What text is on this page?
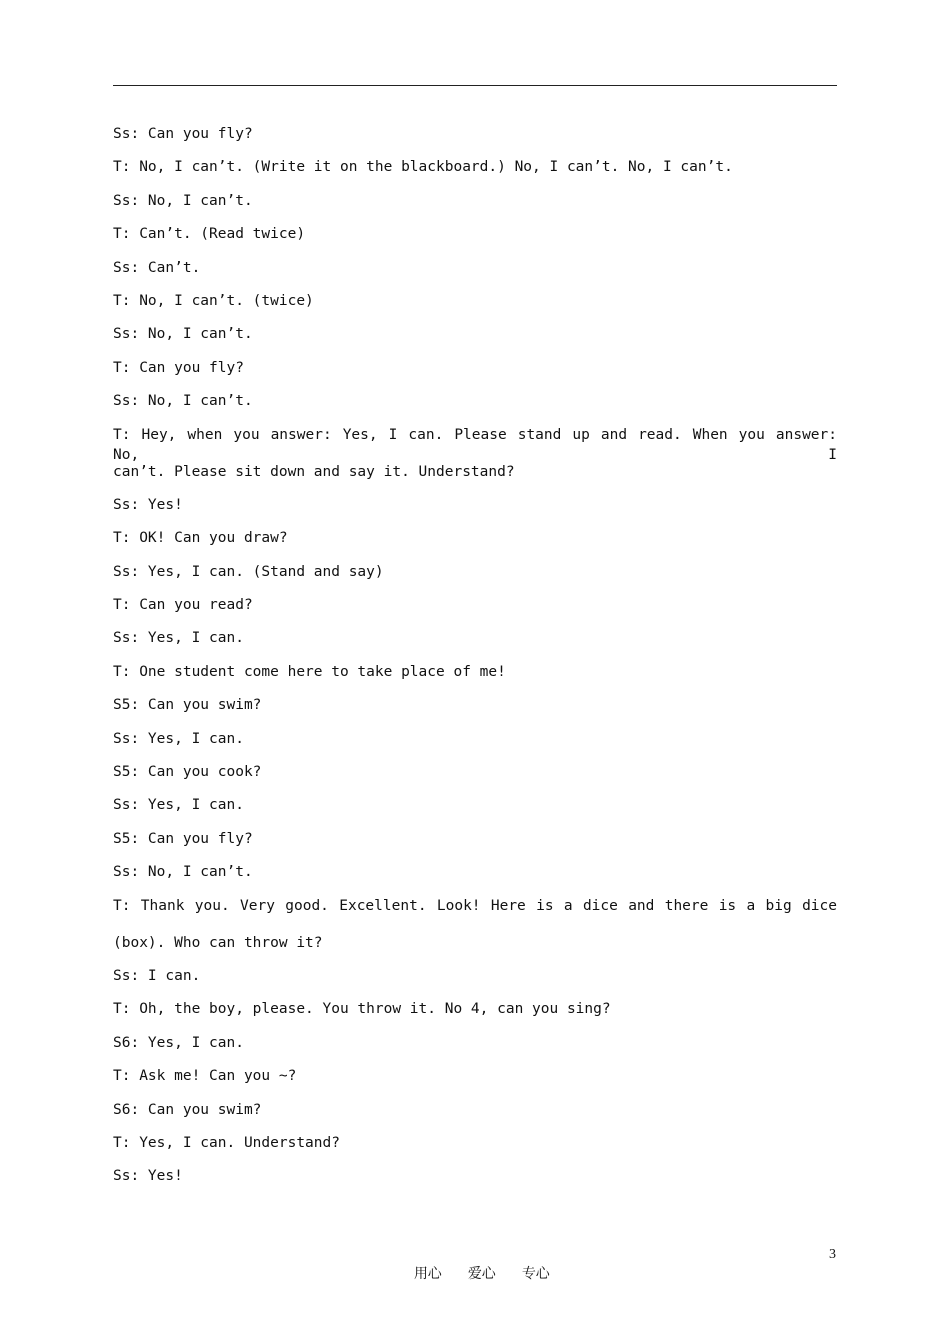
Ss: Can you fly?
T: No, I can’t. (Write it on the blackboard.) No, I can’t. No, I can’t.
Ss: No, I can’t.
T: Can’t. (Read twice)
Ss: Can’t.
T: No, I can’t. (twice)
Ss: No, I can’t.
T: Can you fly?
Ss: No, I can’t.
T: Hey, when you answer: Yes, I can. Please stand up and read. When you answer: No, I
can’t. Please sit down and say it. Understand?
Ss: Yes!
T: OK! Can you draw?
Ss: Yes, I can. (Stand and say)
T: Can you read?
Ss: Yes, I can.
T: One student come here to take place of me!
S5: Can you swim?
Ss: Yes, I can.
S5: Can you cook?
Ss: Yes, I can.
S5: Can you fly?
Ss: No, I can’t.
T: Thank you. Very good. Excellent. Look! Here is a dice and there is a big dice
(box). Who can throw it?
Ss: I can.
T: Oh, the boy, please. You throw it. No 4, can you sing?
S6: Yes, I can.
T: Ask me! Can you ~?
S6: Can you swim?
T: Yes, I can. Understand?
Ss: Yes!

用心 爱心 专心

3
